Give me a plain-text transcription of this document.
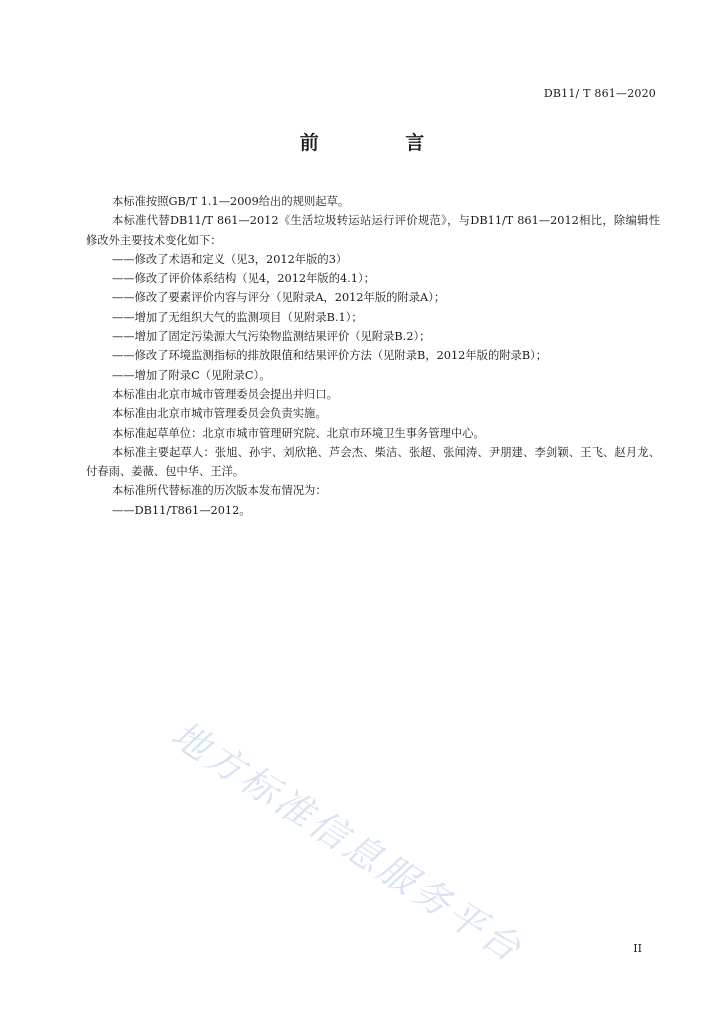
DB11/ T 861—2020
前 言

本标准按照GB/T 1.1—2009给出的规则起草。

本标准代替DB11/T 861—2012《生活垃圾转运站运行评价规范》，与DB11/T 861—2012相比，除编辑性修改外主要技术变化如下：

——修改了术语和定义（见3，2012年版的3）

——修改了评价体系结构（见4，2012年版的4.1）；

——修改了要素评价内容与评分（见附录A，2012年版的附录A）；

——增加了无组织大气的监测项目（见附录B.1）；

——增加了固定污染源大气污染物监测结果评价（见附录B.2）；

——修改了环境监测指标的排放限值和结果评价方法（见附录B，2012年版的附录B）；

——增加了附录C（见附录C）。

本标准由北京市城市管理委员会提出并归口。

本标准由北京市城市管理委员会负责实施。

本标准起草单位：北京市城市管理研究院、北京市环境卫生事务管理中心。

本标准主要起草人：张旭、孙宇、刘欣艳、芦会杰、柴洁、张超、张闻涛、尹朋建、李剑颖、王飞、赵月龙、付春雨、姜薇、包中华、王洋。

本标准所代替标准的历次版本发布情况为：

——DB11/T861—2012。

地方标准信息服务平台	II
